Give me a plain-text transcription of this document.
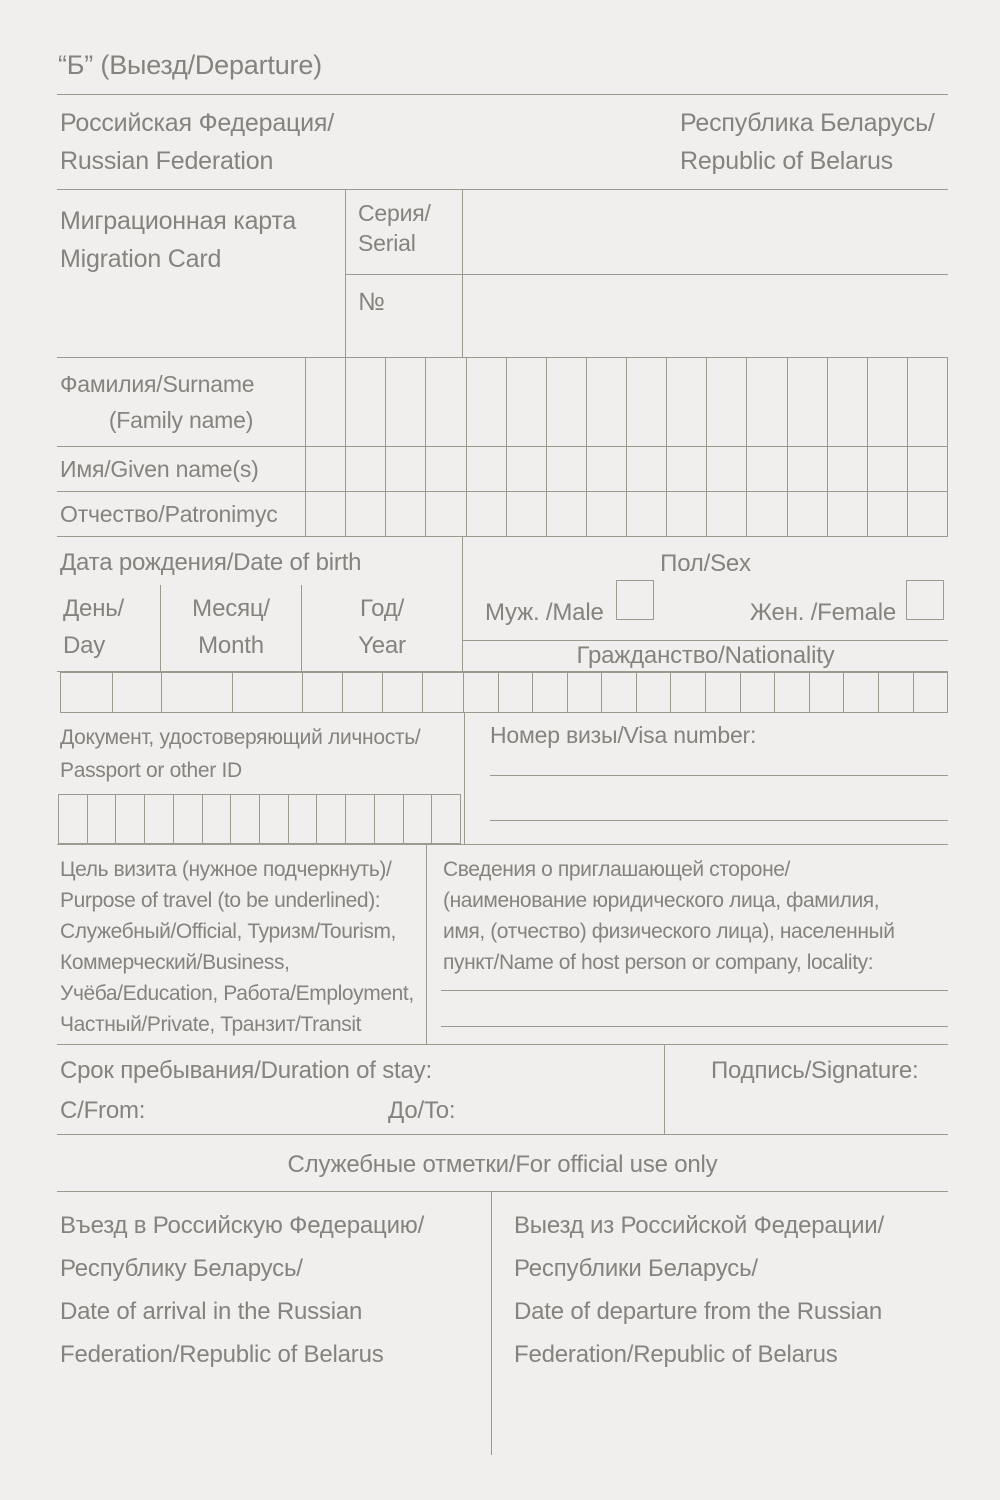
“Б” (Выезд/Departure)
Российская Федерация/
Russian Federation
Республика Беларусь/
Republic of Belarus
Миграционная карта
Migration Card
Серия/
Serial
№
Фамилия/Surname
(Family name)
Имя/Given name(s)
Отчество/Patronimyc
Дата рождения/Date of birth
День/
Day
Месяц/
Month
Год/
Year
Пол/Sex
Муж. /Male	Жен. /Female
Гражданство/Nationality
Документ, удостоверяющий личность/
Passport or other ID
Номер визы/Visa number:
Цель визита (нужное подчеркнуть)/
Purpose of travel (to be underlined):
Служебный/Official, Туризм/Tourism,
Коммерческий/Business,
Учёба/Education, Работа/Employment,
Частный/Private, Транзит/Transit
Сведения о приглашающей стороне/
(наименование юридического лица, фамилия,
имя, (отчество) физического лица), населенный
пункт/Name of host person or company, locality:
Срок пребывания/Duration of stay:
С/From:	До/To:
Подпись/Signature:
Служебные отметки/For official use only
Въезд в Российскую Федерацию/
Республику Беларусь/
Date of arrival in the Russian
Federation/Republic of Belarus
Выезд из Российской Федерации/
Республики Беларусь/
Date of departure from the Russian
Federation/Republic of Belarus
